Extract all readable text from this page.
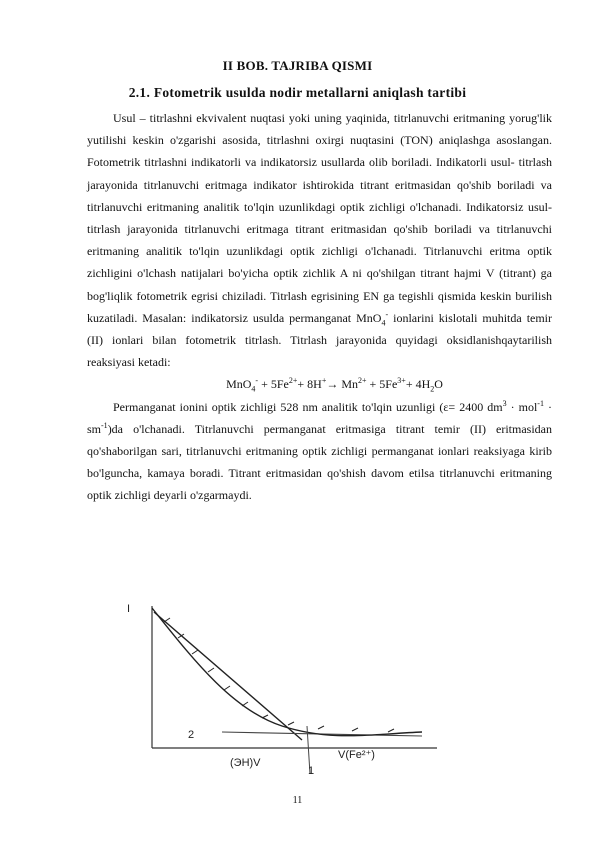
II BOB. TAJRIBA QISMI
2.1. Fotometrik usulda nodir metallarni aniqlash tartibi

Usul – titrlashni ekvivalent nuqtasi yoki uning yaqinida, titrlanuvchi eritmaning yorug'lik yutilishi keskin o'zgarishi asosida, titrlashni oxirgi nuqtasini (TON) aniqlashga asoslangan. Fotometrik titrlashni indikatorli va indikatorsiz usullarda olib boriladi. Indikatorli usul- titrlash jarayonida titrlanuvchi eritmaga indikator ishtirokida titrant eritmasidan qo'shib boriladi va titrlanuvchi eritmaning analitik to'lqin uzunlikdagi optik zichligi o'lchanadi. Indikatorsiz usul- titrlash jarayonida titrlanuvchi eritmaga titrant eritmasidan qo'shib boriladi va titrlanuvchi eritmaning analitik to'lqin uzunlikdagi optik zichligi o'lchanadi. Titrlanuvchi eritma optik zichligini o'lchash natijalari bo'yicha optik zichlik A ni qo'shilgan titrant hajmi V (titrant) ga bog'liqlik fotometrik egrisi chiziladi. Titrlash egrisining EN ga tegishli qismida keskin burilish kuzatiladi. Masalan: indikatorsiz usulda permanganat MnO$_4$- ionlarini kislotali muhitda temir (II) ionlari bilan fotometrik titrlash. Titrlash jarayonida quyidagi oksidlanishqaytarilish reaksiyasi ketadi:

$MnO_4^- + 5Fe^{2+}+ 8H^+\to Mn^{2+} + 5Fe^{3+}+ 4H_2O$

Permanganat ionini optik zichligi 528 nm analitik to'lqin uzunligi (ε= 2400 $dm^3 \cdot mol^{-1} \cdot sm^{-1})da$ o'lchanadi. Titrlanuvchi permanganat eritmasiga titrant temir (II) eritmasidan qo'shaborilgan sari, titrlanuvchi eritmaning optik zichligi permanganat ionlari reaksiyaga kirib bo'lguncha, kamaya boradi. Titrant eritmasidan qo'shish davom etilsa titrlanuvchi eritmaning optik zichligi deyarli o'zgarmaydi.

I
2
(ЭН)V
V(Fe²⁺)
1
11
